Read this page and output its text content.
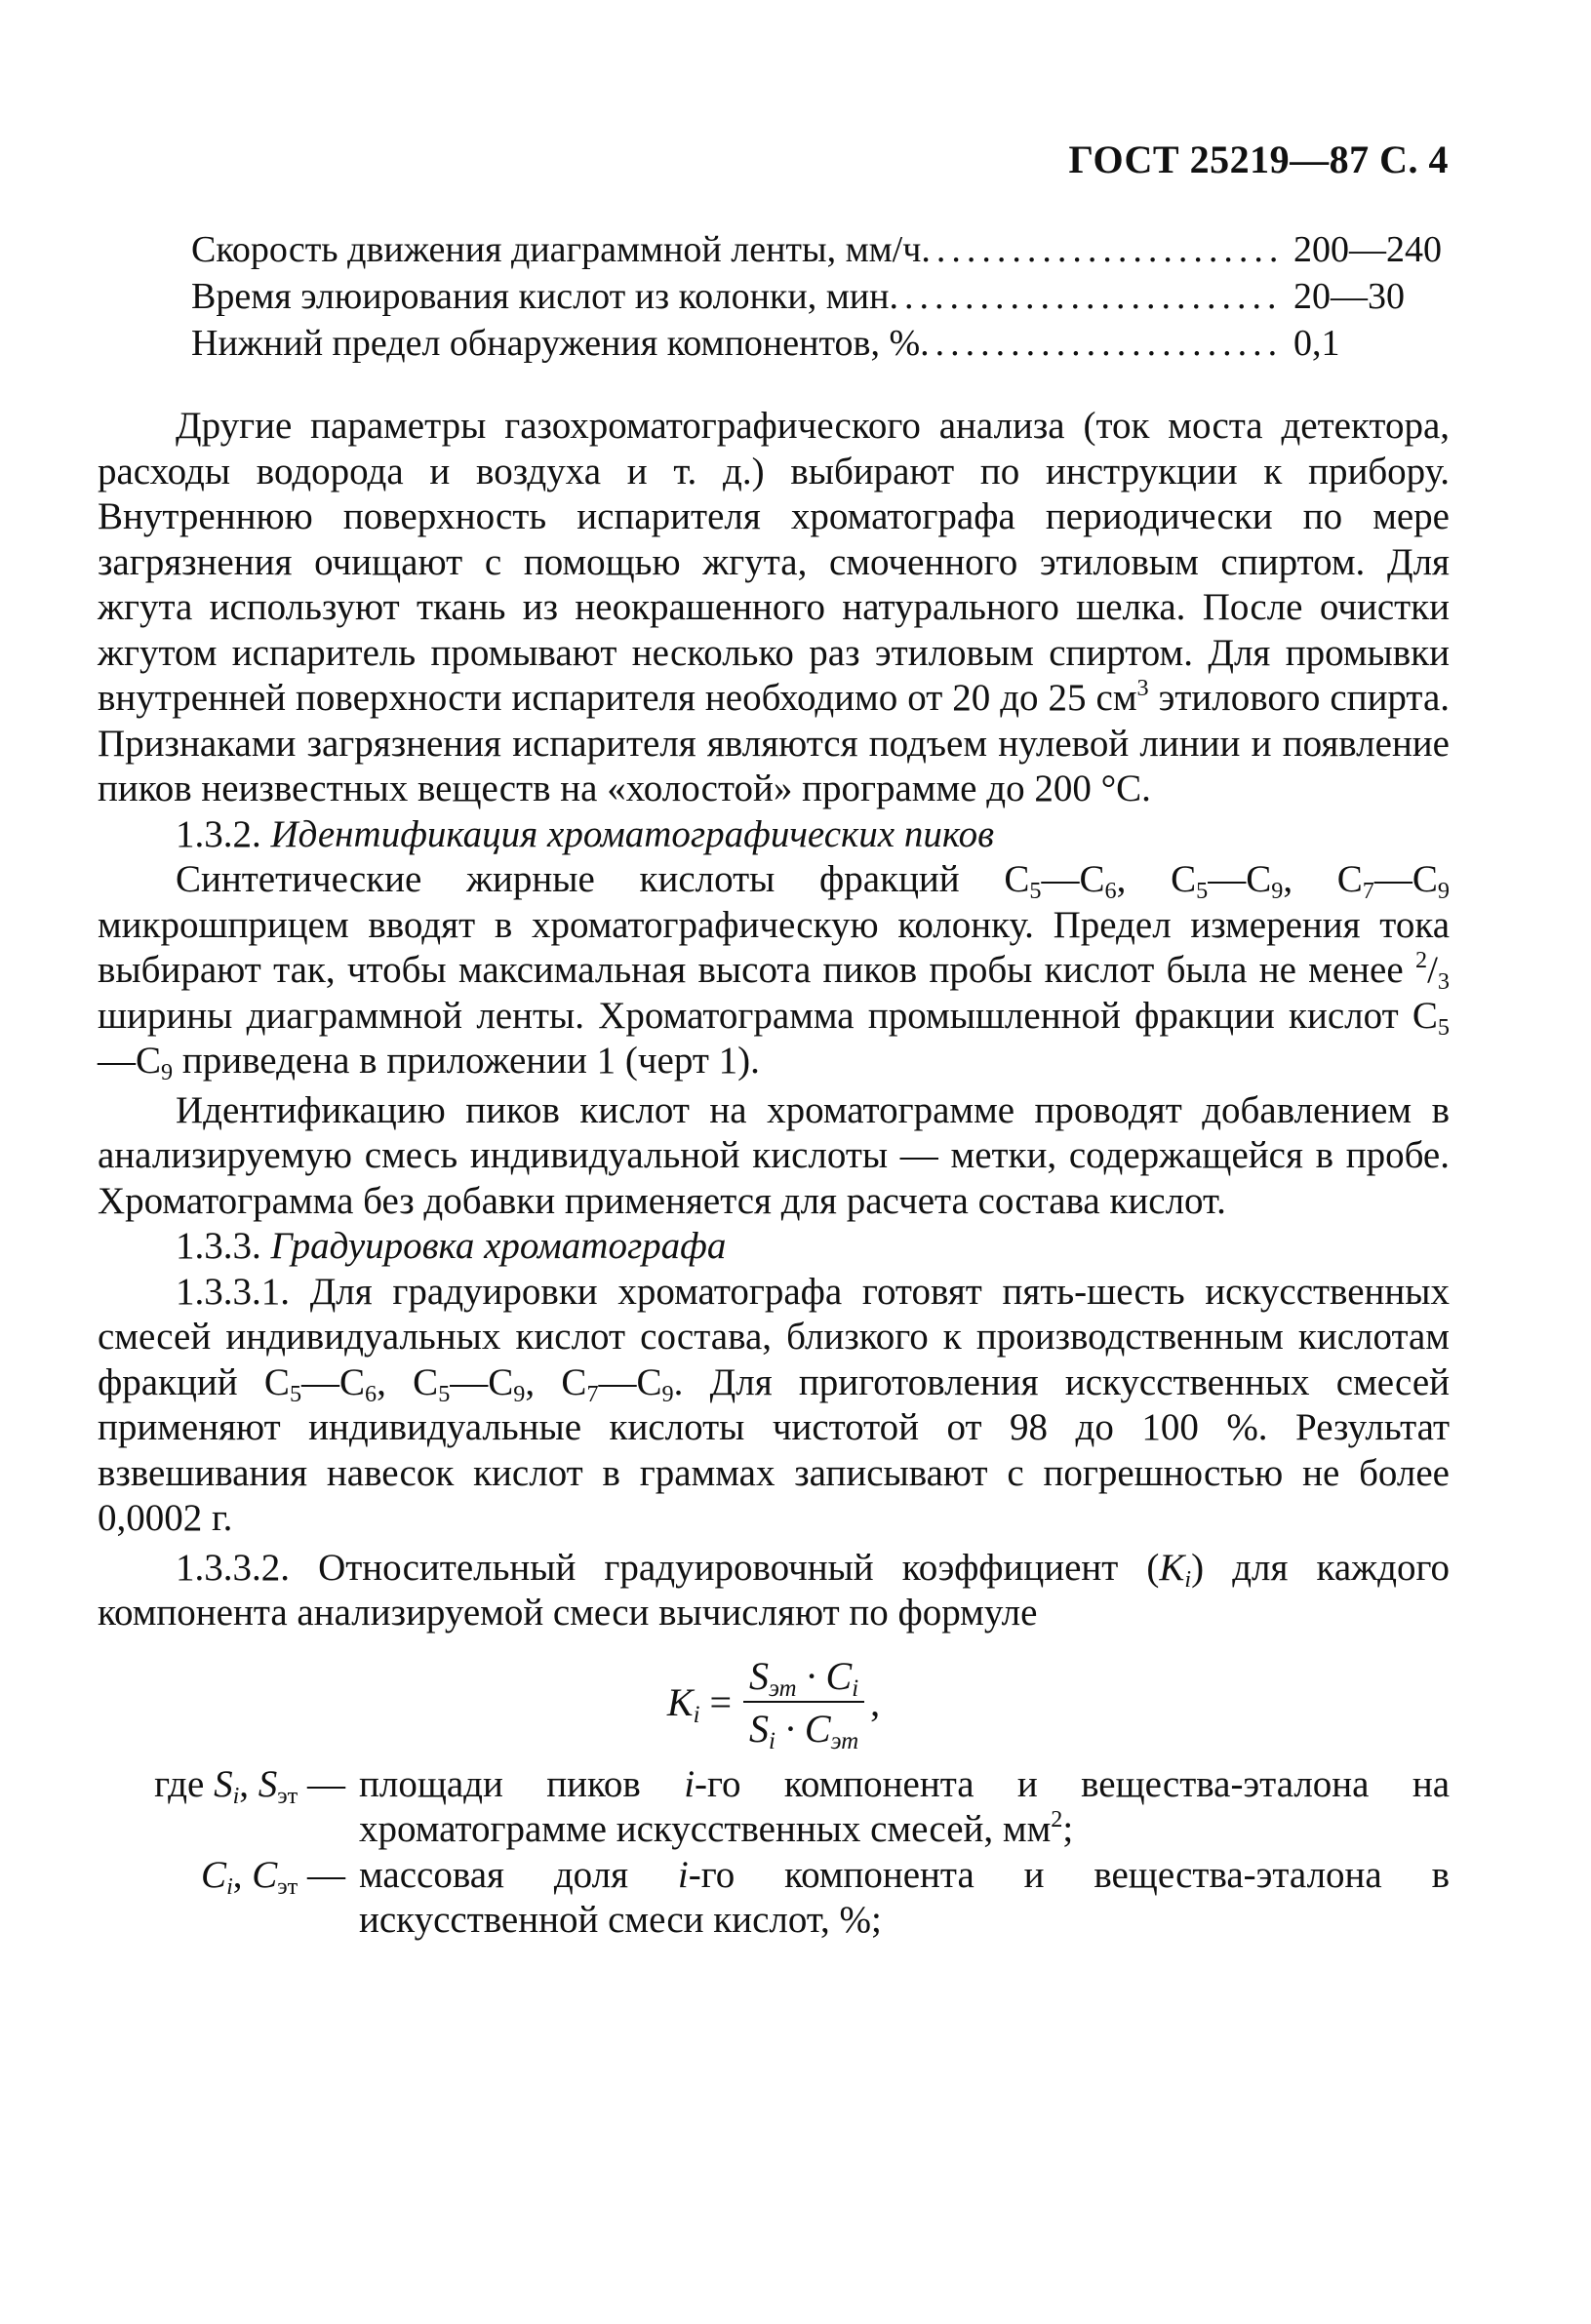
ГОСТ 25219—87 С. 4
Скорость движения диаграммной ленты, мм/ч .....	200—240
Время элюирования кислот из колонки, мин .....	20—30
Нижний предел обнаружения компонентов, % .....	0,1

Другие параметры газохроматографического анализа (ток моста детектора, расходы водорода и воздуха и т. д.) выбирают по инструкции к прибору. Внутреннюю поверхность испарителя хроматографа периодически по мере загрязнения очищают с помощью жгута, смоченного этиловым спиртом. Для жгута используют ткань из неокрашенного натурального шелка. После очистки жгутом испаритель промывают несколько раз этиловым спиртом. Для промывки внутренней поверхности испарителя необходимо от 20 до 25 $см^3$ этилового спирта. Признаками загрязнения испарителя являются подъем нулевой линии и появление пиков неизвестных веществ на «холостой» программе до 200 °С.

1.3.2. Идентификация хроматографических пиков

Синтетические жирные кислоты фракций $С_5—С_6$, $С_5—С_9$, $С_7—С_9$ микрошприцем вводят в хроматографическую колонку. Предел измерения тока выбирают так, чтобы максимальная высота пиков пробы кислот была не менее $^2/_3$ ширины диаграммной ленты. Хроматограмма промышленной фракции кислот $С_5—С_9$ приведена в приложении 1 (черт 1).

Идентификацию пиков кислот на хроматограмме проводят добавлением в анализируемую смесь индивидуальной кислоты — метки, содержащейся в пробе. Хроматограмма без добавки применяется для расчета состава кислот.

1.3.3. Градуировка хроматографа

1.3.3.1. Для градуировки хроматографа готовят пять-шесть искусственных смесей индивидуальных кислот состава, близкого к производственным кислотам фракций $С_5—С_6$, $С_5—С_9$, $С_7—С_9$. Для приготовления искусственных смесей применяют индивидуальные кислоты чистотой от 98 до 100 %. Результат взвешивания навесок кислот в граммах записывают с погрешностью не более 0,0002 г.

1.3.3.2. Относительный градуировочный коэффициент $(K_i)$ для каждого компонента анализируемой смеси вычисляют по формуле

$K_i = \frac{S_{эт} \cdot C_i}{S_i \cdot C_{эт}}$ ,
где $S_i$, $S_{эт}$ — площади пиков i-го компонента и вещества-эталона на хроматограмме искусственных смесей, $мм^2$;
$C_i$, $C_{эт}$ — массовая доля i-го компонента и вещества-эталона в искусственной смеси кислот, %;
